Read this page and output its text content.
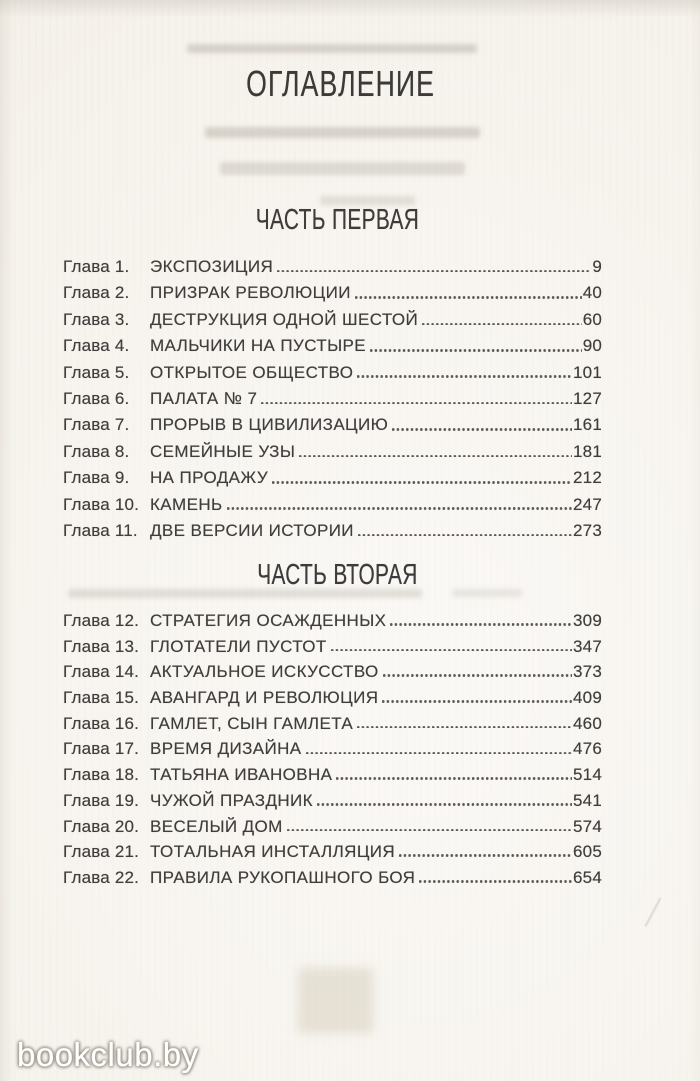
ОГЛАВЛЕНИЕ
ЧАСТЬ ПЕРВАЯ
Глава 1.	ЭКСПОЗИЦИЯ	9
Глава 2.	ПРИЗРАК РЕВОЛЮЦИИ	40
Глава 3.	ДЕСТРУКЦИЯ ОДНОЙ ШЕСТОЙ	60
Глава 4.	МАЛЬЧИКИ НА ПУСТЫРЕ	90
Глава 5.	ОТКРЫТОЕ ОБЩЕСТВО	101
Глава 6.	ПАЛАТА № 7	127
Глава 7.	ПРОРЫВ В ЦИВИЛИЗАЦИЮ	161
Глава 8.	СЕМЕЙНЫЕ УЗЫ	181
Глава 9.	НА ПРОДАЖУ	212
Глава 10. КАМЕНЬ	247
Глава 11. ДВЕ ВЕРСИИ ИСТОРИИ	273
ЧАСТЬ ВТОРАЯ
Глава 12. СТРАТЕГИЯ ОСАЖДЕННЫХ	309
Глава 13. ГЛОТАТЕЛИ ПУСТОТ	347
Глава 14. АКТУАЛЬНОЕ ИСКУССТВО	373
Глава 15. АВАНГАРД И РЕВОЛЮЦИЯ	409
Глава 16. ГАМЛЕТ, СЫН ГАМЛЕТА	460
Глава 17. ВРЕМЯ ДИЗАЙНА	476
Глава 18. ТАТЬЯНА ИВАНОВНА	514
Глава 19. ЧУЖОЙ ПРАЗДНИК	541
Глава 20. ВЕСЕЛЫЙ ДОМ	574
Глава 21. ТОТАЛЬНАЯ ИНСТАЛЛЯЦИЯ	605
Глава 22. ПРАВИЛА РУКОПАШНОГО БОЯ	654
bookclub.by
